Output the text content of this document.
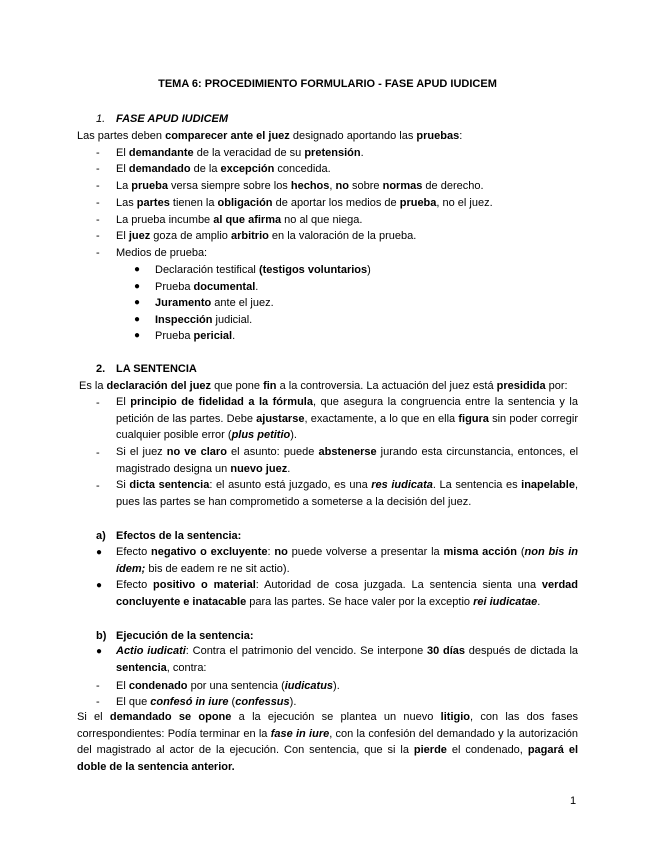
TEMA 6: PROCEDIMIENTO FORMULARIO - FASE APUD IUDICEM
1. FASE APUD IUDICEM
Las partes deben comparecer ante el juez designado aportando las pruebas:
- El demandante de la veracidad de su pretensión.
- El demandado de la excepción concedida.
- La prueba versa siempre sobre los hechos, no sobre normas de derecho.
- Las partes tienen la obligación de aportar los medios de prueba, no el juez.
- La prueba incumbe al que afirma no al que niega.
- El juez goza de amplio arbitrio en la valoración de la prueba.
- Medios de prueba:
● Declaración testifical (testigos voluntarios)
● Prueba documental.
● Juramento ante el juez.
● Inspección judicial.
● Prueba pericial.
2. LA SENTENCIA
Es la declaración del juez que pone fin a la controversia. La actuación del juez está presidida por:
- El principio de fidelidad a la fórmula, que asegura la congruencia entre la sentencia y la petición de las partes. Debe ajustarse, exactamente, a lo que en ella figura sin poder corregir cualquier posible error (plus petitio).
- Si el juez no ve claro el asunto: puede abstenerse jurando esta circunstancia, entonces, el magistrado designa un nuevo juez.
- Si dicta sentencia: el asunto está juzgado, es una res iudicata. La sentencia es inapelable, pues las partes se han comprometido a someterse a la decisión del juez.
a) Efectos de la sentencia:
● Efecto negativo o excluyente: no puede volverse a presentar la misma acción (non bis in ídem; bis de eadem re ne sit actio).
● Efecto positivo o material: Autoridad de cosa juzgada. La sentencia sienta una verdad concluyente e inatacable para las partes. Se hace valer por la exceptio rei iudicatae.
b) Ejecución de la sentencia:
● Actio iudicati: Contra el patrimonio del vencido. Se interpone 30 días después de dictada la sentencia, contra:
- El condenado por una sentencia (iudicatus).
- El que confesó in iure (confessus).
Si el demandado se opone a la ejecución se plantea un nuevo litigio, con las dos fases correspondientes: Podía terminar en la fase in iure, con la confesión del demandado y la autorización del magistrado al actor de la ejecución. Con sentencia, que si la pierde el condenado, pagará el doble de la sentencia anterior.
1
